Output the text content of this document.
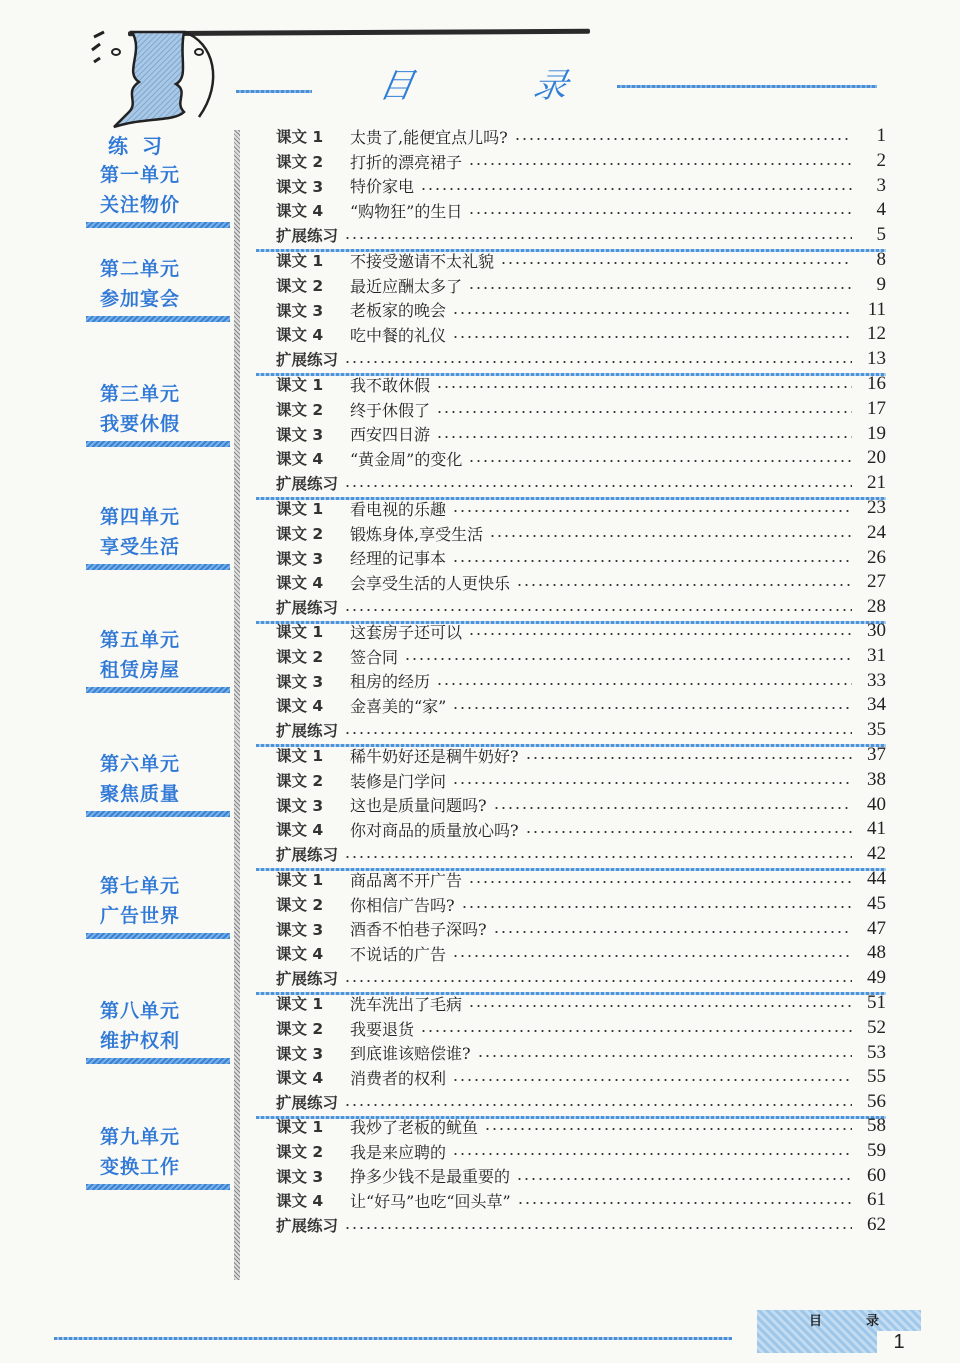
目	录
练习
第一单元
关注物价
第二单元
参加宴会
第三单元
我要休假
第四单元
享受生活
第五单元
租赁房屋
第六单元
聚焦质量
第七单元
广告世界
第八单元
维护权利
第九单元
变换工作
课文 1	太贵了,能便宜点儿吗?	1
课文 2	打折的漂亮裙子	2
课文 3	特价家电	3
课文 4	“购物狂”的生日	4
扩展练习	5
课文 1	不接受邀请不太礼貌	8
课文 2	最近应酬太多了	9
课文 3	老板家的晚会	11
课文 4	吃中餐的礼仪	12
扩展练习	13
课文 1	我不敢休假	16
课文 2	终于休假了	17
课文 3	西安四日游	19
课文 4	“黄金周”的变化	20
扩展练习	21
课文 1	看电视的乐趣	23
课文 2	锻炼身体,享受生活	24
课文 3	经理的记事本	26
课文 4	会享受生活的人更快乐	27
扩展练习	28
课文 1	这套房子还可以	30
课文 2	签合同	31
课文 3	租房的经历	33
课文 4	金喜美的“家”	34
扩展练习	35
课文 1	稀牛奶好还是稠牛奶好?	37
课文 2	装修是门学问	38
课文 3	这也是质量问题吗?	40
课文 4	你对商品的质量放心吗?	41
扩展练习	42
课文 1	商品离不开广告	44
课文 2	你相信广告吗?	45
课文 3	酒香不怕巷子深吗?	47
课文 4	不说话的广告	48
扩展练习	49
课文 1	洗车洗出了毛病	51
课文 2	我要退货	52
课文 3	到底谁该赔偿谁?	53
课文 4	消费者的权利	55
扩展练习	56
课文 1	我炒了老板的鱿鱼	58
课文 2	我是来应聘的	59
课文 3	挣多少钱不是最重要的	60
课文 4	让“好马”也吃“回头草”	61
扩展练习	62
目	录
1
